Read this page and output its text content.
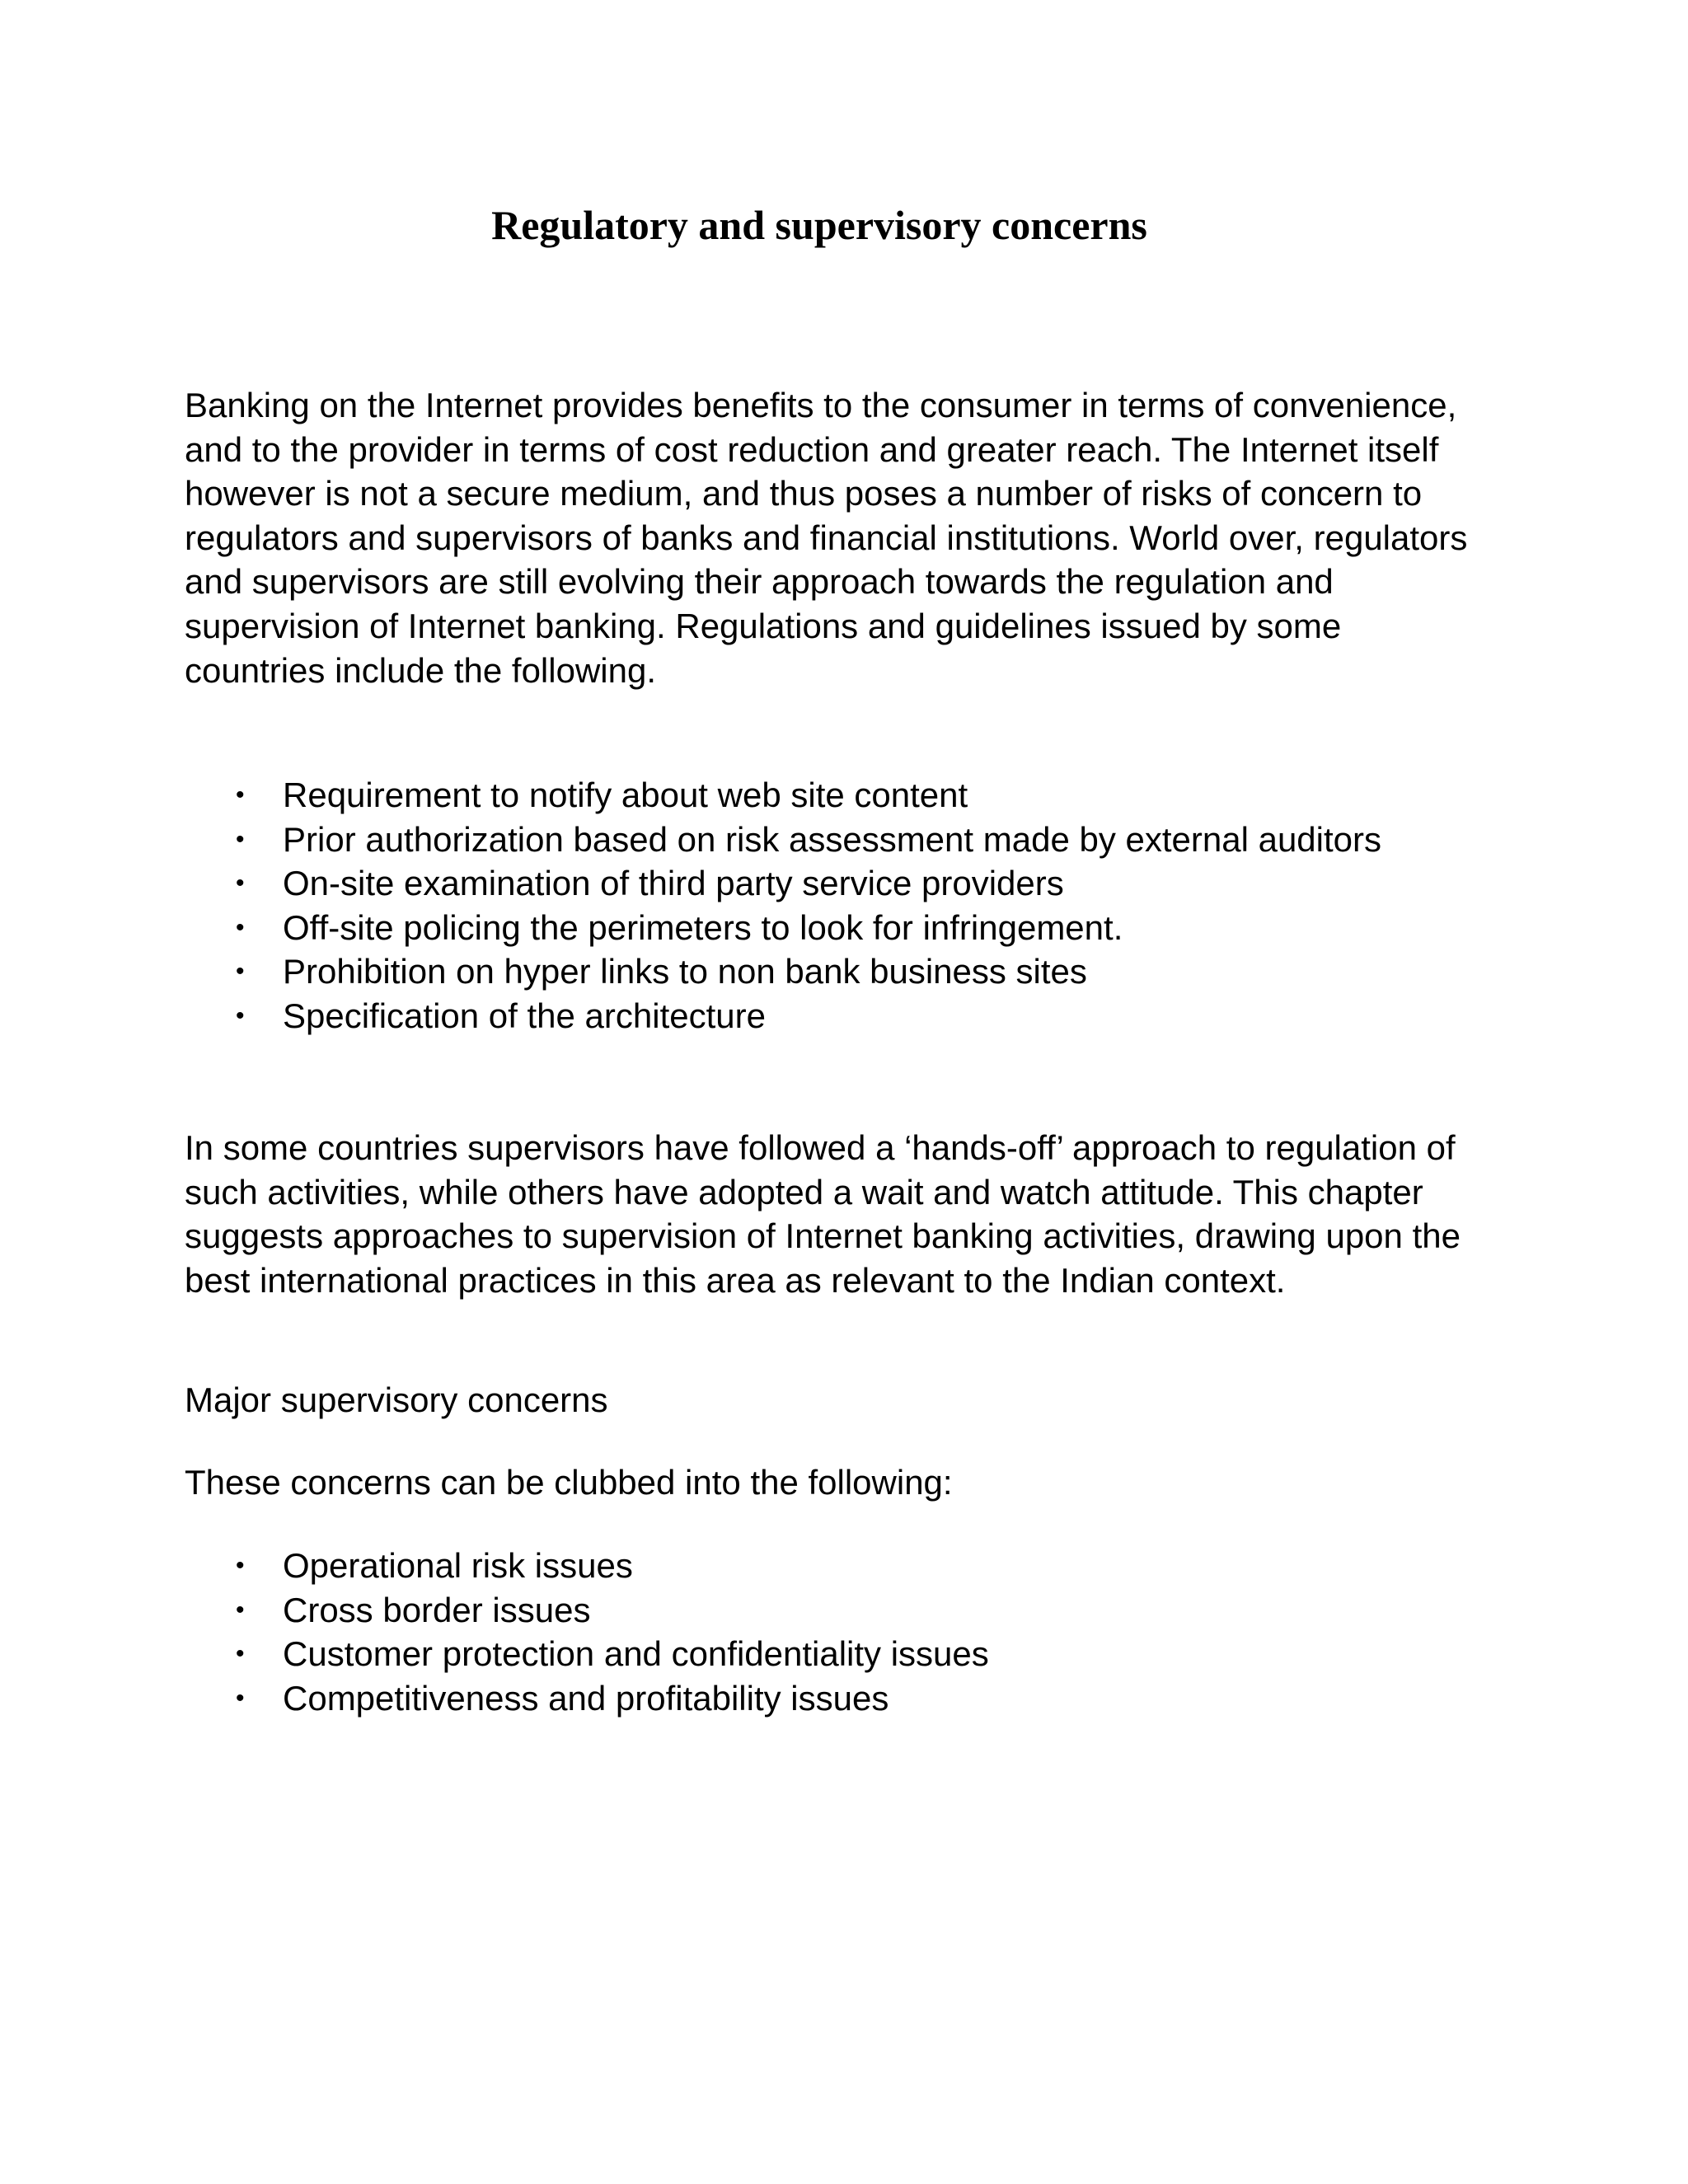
Regulatory and supervisory concerns

Banking on the Internet provides benefits to the consumer in terms of convenience, and to the provider in terms of cost reduction and greater reach. The Internet itself however is not a secure medium, and thus poses a number of risks of concern to regulators and supervisors of banks and financial institutions. World over, regulators and supervisors are still evolving their approach towards the regulation and supervision of Internet banking. Regulations and guidelines issued by some countries include the following.

•	Requirement to notify about web site content
•	Prior authorization based on risk assessment made by external auditors
•	On-site examination of third party service providers
•	Off-site policing the perimeters to look for infringement.
•	Prohibition on hyper links to non bank business sites
•	Specification of the architecture

In some countries supervisors have followed a ‘hands-off’ approach to regulation of such activities, while others have adopted a wait and watch attitude. This chapter suggests approaches to supervision of Internet banking activities, drawing upon the best international practices in this area as relevant to the Indian context.

Major supervisory concerns

These concerns can be clubbed into the following:

•	Operational risk issues
•	Cross border issues
•	Customer protection and confidentiality issues
•	Competitiveness and profitability issues
